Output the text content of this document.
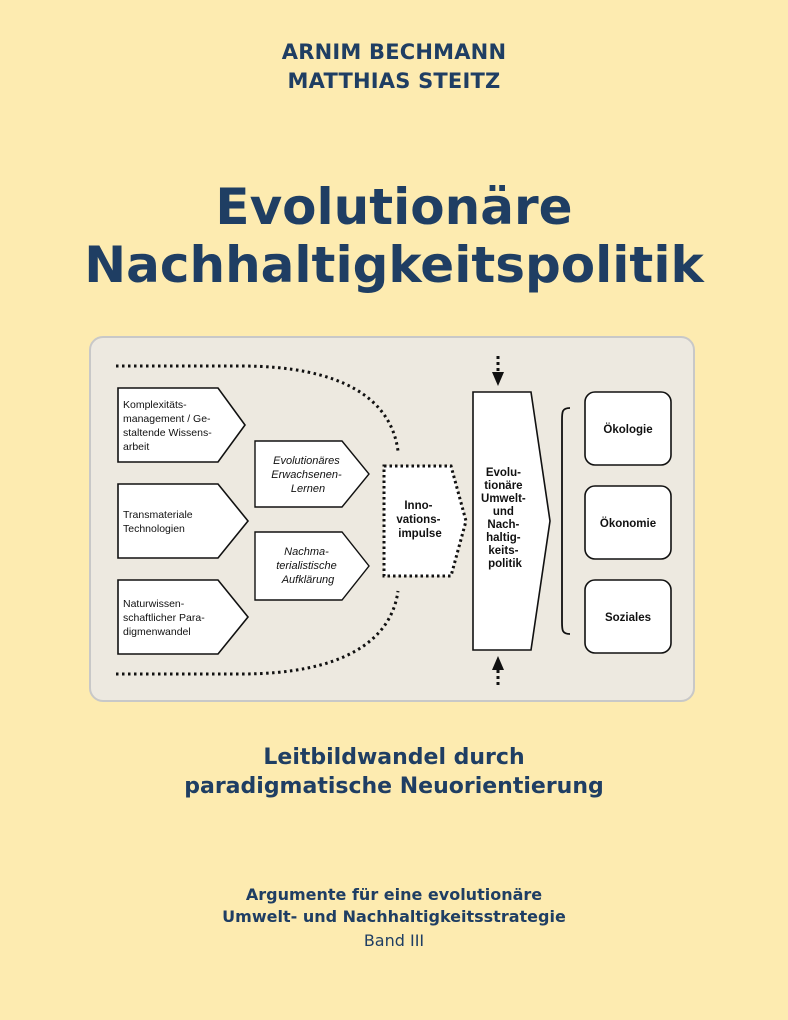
ARNIM BECHMANN
MATTHIAS STEITZ
Evolutionäre
Nachhaltigkeitspolitik
Komplexitäts- management / Ge- staltende Wissens- arbeit
Transmateriale Technologien
Naturwissen- schaftlicher Para- digmenwandel
Evolutionäres Erwachsenen- Lernen
Nachma- terialistische Aufklärung
Inno- vations- impulse
Evolu- tionäre Umwelt- und Nach- haltig- keits- politik
Ökologie
Ökonomie
Soziales
Leitbildwandel durch
paradigmatische Neuorientierung
Argumente für eine evolutionäre
Umwelt- und Nachhaltigkeitsstrategie
Band III
